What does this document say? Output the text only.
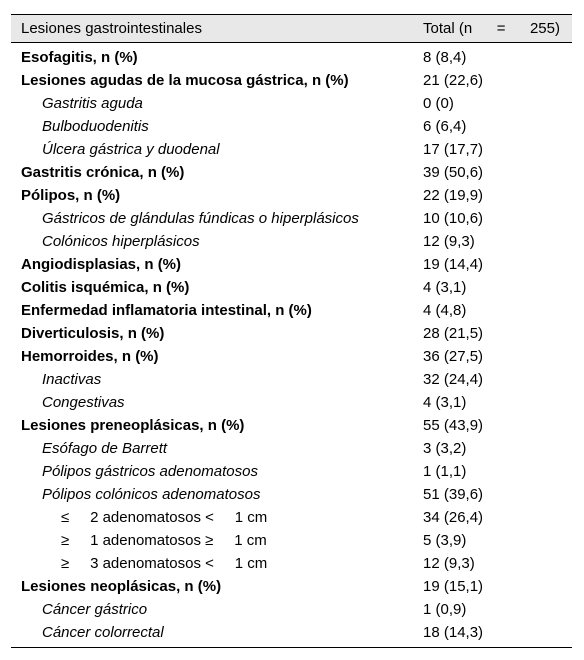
Lesiones gastrointestinales	Total (n = 255)
Esofagitis, n (%)	8 (8,4)
Lesiones agudas de la mucosa gástrica, n (%)	21 (22,6)
Gastritis aguda	0 (0)
Bulboduodenitis	6 (6,4)
Úlcera gástrica y duodenal	17 (17,7)
Gastritis crónica, n (%)	39 (50,6)
Pólipos, n (%)	22 (19,9)
Gástricos de glándulas fúndicas o hiperplásicos	10 (10,6)
Colónicos hiperplásicos	12 (9,3)
Angiodisplasias, n (%)	19 (14,4)
Colitis isquémica, n (%)	4 (3,1)
Enfermedad inflamatoria intestinal, n (%)	4 (4,8)
Diverticulosis, n (%)	28 (21,5)
Hemorroides, n (%)	36 (27,5)
Inactivas	32 (24,4)
Congestivas	4 (3,1)
Lesiones preneoplásicas, n (%)	55 (43,9)
Esófago de Barrett	3 (3,2)
Pólipos gástricos adenomatosos	1 (1,1)
Pólipos colónicos adenomatosos	51 (39,6)
≤     2 adenomatosos <     1 cm	34 (26,4)
≥     1 adenomatosos ≥     1 cm	5 (3,9)
≥     3 adenomatosos <     1 cm	12 (9,3)
Lesiones neoplásicas, n (%)	19 (15,1)
Cáncer gástrico	1 (0,9)
Cáncer colorrectal	18 (14,3)
